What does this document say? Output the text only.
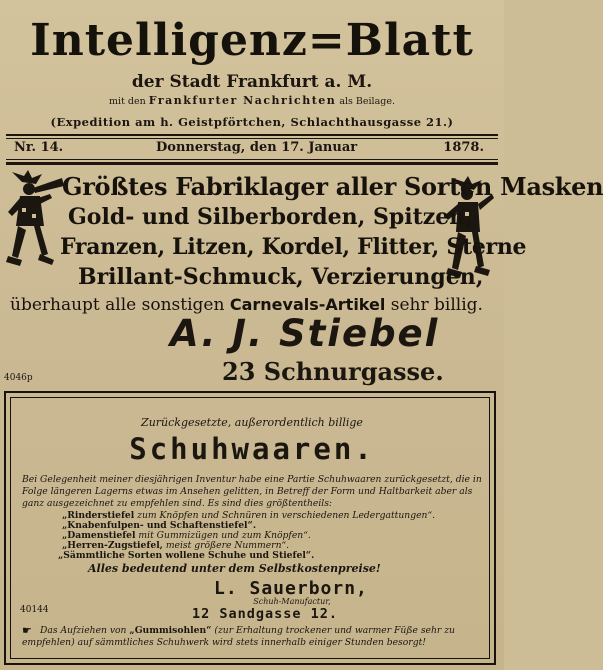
Intelligenz=Blatt
der Stadt Frankfurt a. M.
mit den Frankfurter Nachrichten als Beilage.
(Expedition am h. Geistpförtchen, Schlachthausgasse 21.)
Nr. 14.	Donnerstag, den 17. Januar	1878.
Größtes Fabriklager aller Sorten Masken
Gold- und Silberborden, Spitzen,
Franzen, Litzen, Kordel, Flitter, Sterne
Brillant-Schmuck, Verzierungen,
überhaupt alle sonstigen Carnevals-Artikel sehr billig.
A. J. Stiebel
23 Schnurgasse.
4046p
Zurückgesetzte, außerordentlich billige
Schuhwaaren.
Bei Gelegenheit meiner diesjährigen Inventur habe eine Partie Schuhwaaren zurückgesetzt, die in
Folge längeren Lagerns etwas im Ansehen gelitten, in Betreff der Form und Haltbarkeit aber als
ganz ausgezeichnet zu empfehlen sind. Es sind dies größtentheils:
„Rinderstiefel zum Knöpfen und Schnüren in verschiedenen Ledergattungen“.
„Knabenfulpen- und Schaftenstiefel“.
„Damenstiefel mit Gummizügen und zum Knöpfen“.
„Herren-Zugstiefel, meist größere Nummern“.
„Sämmtliche Sorten wollene Schuhe und Stiefel“.
Alles bedeutend unter dem Selbstkostenpreise!
L. Sauerborn,
Schuh-Manufactur,
40144	12 Sandgasse 12.
☛ Das Aufziehen von „Gummisohlen“ (zur Erhaltung trockener und warmer Füße sehr zu
empfehlen) auf sämmtliches Schuhwerk wird stets innerhalb einiger Stunden besorgt!
